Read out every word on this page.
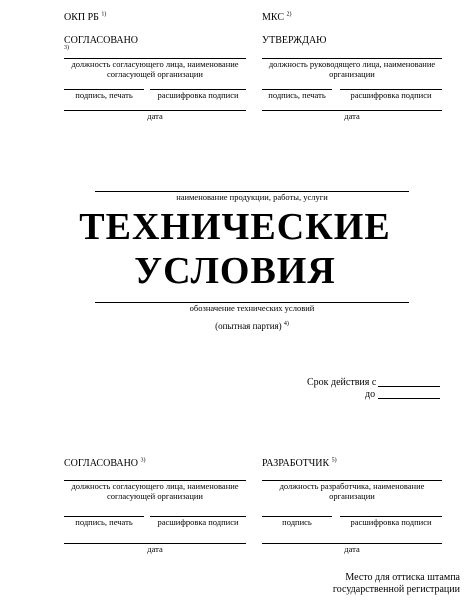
ОКП РБ $^{1)}$	МКС $^{2)}$
СОГЛАСОВАНО
3)
должность согласующего лица, наименование
согласующей организации
подпись, печать	расшифровка подписи
дата
УТВЕРЖДАЮ
должность руководящего лица, наименование
организации
подпись, печать	расшифровка подписи
дата
наименование продукции, работы, услуги
ТЕХНИЧЕСКИЕ
УСЛОВИЯ
обозначение технических условий
(опытная партия) $^{4)}$
Срок действия с
до
СОГЛАСОВАНО $^{3)}$
должность согласующего лица, наименование
согласующей организации
подпись, печать	расшифровка подписи
дата
РАЗРАБОТЧИК $^{5)}$
должность разработчика, наименование
организации
подпись	расшифровка подписи
дата
Место для оттиска штампа
государственной регистрации
